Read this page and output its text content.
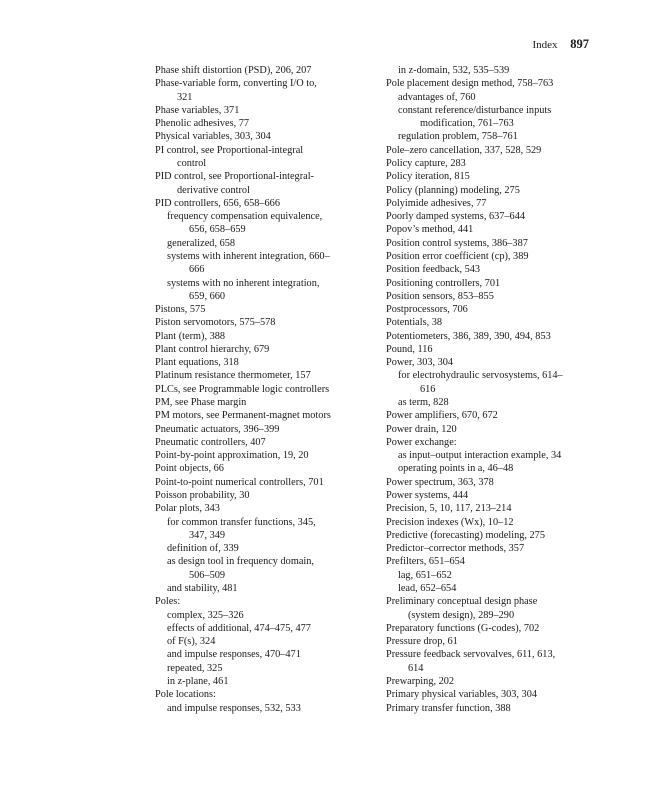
Index 897
Phase shift distortion (PSD), 206, 207
Phase-variable form, converting I/O to,
321
Phase variables, 371
Phenolic adhesives, 77
Physical variables, 303, 304
PI control, see Proportional-integral
control
PID control, see Proportional-integral-
derivative control
PID controllers, 656, 658–666
frequency compensation equivalence,
656, 658–659
generalized, 658
systems with inherent integration, 660–
666
systems with no inherent integration,
659, 660
Pistons, 575
Piston servomotors, 575–578
Plant (term), 388
Plant control hierarchy, 679
Plant equations, 318
Platinum resistance thermometer, 157
PLCs, see Programmable logic controllers
PM, see Phase margin
PM motors, see Permanent-magnet motors
Pneumatic actuators, 396–399
Pneumatic controllers, 407
Point-by-point approximation, 19, 20
Point objects, 66
Point-to-point numerical controllers, 701
Poisson probability, 30
Polar plots, 343
for common transfer functions, 345,
347, 349
definition of, 339
as design tool in frequency domain,
506–509
and stability, 481
Poles:
complex, 325–326
effects of additional, 474–475, 477
of F(s), 324
and impulse responses, 470–471
repeated, 325
in z-plane, 461
Pole locations:
and impulse responses, 532, 533
in z-domain, 532, 535–539
Pole placement design method, 758–763
advantages of, 760
constant reference/disturbance inputs
modification, 761–763
regulation problem, 758–761
Pole–zero cancellation, 337, 528, 529
Policy capture, 283
Policy iteration, 815
Policy (planning) modeling, 275
Polyimide adhesives, 77
Poorly damped systems, 637–644
Popov’s method, 441
Position control systems, 386–387
Position error coefficient (cp), 389
Position feedback, 543
Positioning controllers, 701
Position sensors, 853–855
Postprocessors, 706
Potentials, 38
Potentiometers, 386, 389, 390, 494, 853
Pound, 116
Power, 303, 304
for electrohydraulic servosystems, 614–
616
as term, 828
Power amplifiers, 670, 672
Power drain, 120
Power exchange:
as input–output interaction example, 34
operating points in a, 46–48
Power spectrum, 363, 378
Power systems, 444
Precision, 5, 10, 117, 213–214
Precision indexes (Wx), 10–12
Predictive (forecasting) modeling, 275
Predictor–corrector methods, 357
Prefilters, 651–654
lag, 651–652
lead, 652–654
Preliminary conceptual design phase
(system design), 289–290
Preparatory functions (G-codes), 702
Pressure drop, 61
Pressure feedback servovalves, 611, 613,
614
Prewarping, 202
Primary physical variables, 303, 304
Primary transfer function, 388
